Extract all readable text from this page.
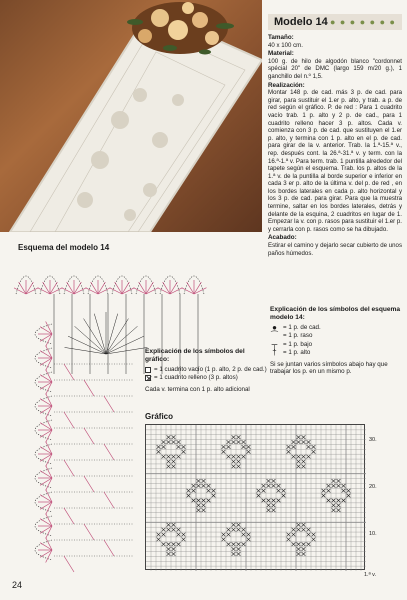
Modelo 14 ● ● ● ● ● ● ●

Tamaño:
40 x 100 cm.

Material:
100 g. de hilo de algodón blanco "cordonnet spécial 20" de DMC (largo 159 m/20 g.), 1 ganchillo del n.º 1,5.

Realización:
Montar 148 p. de cad. más 3 p. de cad. para girar, para sustituir el 1.er p. alto, y trab. a p. de red según el gráfico. P. de red : Para 1 cuadrito vacío trab. 1 p. alto y 2 p. de cad., para 1 cuadrito relleno hacer 3 p. altos. Cada v. comienza con 3 p. de cad. que sustituyen el 1.er p. alto, y termina con 1 p. alto en el p. de cad. para girar de la v. anterior. Trab. la 1.ª-15.ª v., rep. después cont. la 26.ª-31.ª v. y term. con la 16.ª-1.ª v. Para term. trab. 1 puntilla alrededor del tapete según el esquema. Trab. los p. altos de la 1.ª v. de la puntilla al borde superior e inferior en cada 3 er p. alto de la última v. del p. de red , en los bordes laterales en cada p. alto horizontal y los 3 p. de cad. para girar. Para que la muestra termine, saltar en los bordes laterales, detrás y delante de la esquina, 2 cuadritos en lugar de 1. Empezar la v. con p. rasos para sustituir el 1.er p. y cerrarla con p. rasos como se ha dibujado.

Acabado:
Estirar el camino y dejarlo secar cubierto de unos paños húmedos.

Esquema del modelo 14
Explicación de los símbolos del gráfico:
= 1 cuadrito vacío (1 p. alto, 2 p. de cad.)
= 1 cuadrito relleno (3 p. altos)
Cada v. termina con 1 p. alto adicional
Explicación de los símbolos del esquema modelo 14:
● = 1 p. de cad.
⁀ = 1 p. raso
┬ = 1 p. bajo
†	= 1 p. alto
Si se juntan varios símbolos abajo hay que trabajar los p. en un mismo p.
Gráfico
30.
20.
10.
1.ª v.
24
